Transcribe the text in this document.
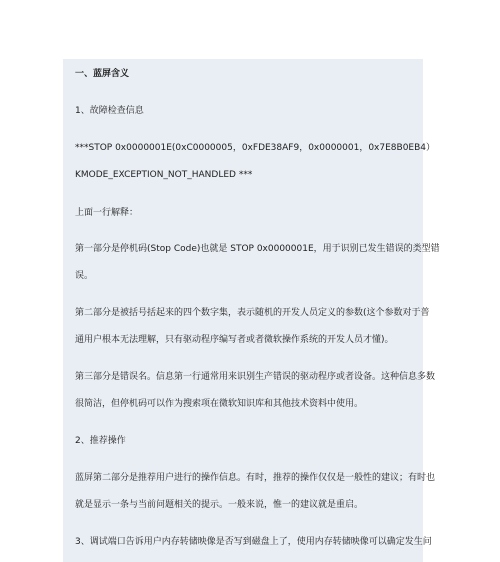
一、蓝屏含义
1、故障检查信息
***STOP 0x0000001E(0xC0000005，0xFDE38AF9，0x0000001，0x7E8B0EB4）
KMODE_EXCEPTION_NOT_HANDLED ***
上面一行解释：
第一部分是停机码(Stop Code)也就是 STOP 0x0000001E，用于识别已发生错误的类型错
误。
第二部分是被括号括起来的四个数字集，表示随机的开发人员定义的参数(这个参数对于普
通用户根本无法理解，只有驱动程序编写者或者微软操作系统的开发人员才懂)。
第三部分是错误名。信息第一行通常用来识别生产错误的驱动程序或者设备。这种信息多数
很简洁，但停机码可以作为搜索项在微软知识库和其他技术资料中使用。
2、推荐操作
蓝屏第二部分是推荐用户进行的操作信息。有时，推荐的操作仅仅是一般性的建议；有时也
就是显示一条与当前问题相关的提示。一般来说，惟一的建议就是重启。
3、调试端口告诉用户内存转储映像是否写到磁盘上了，使用内存转储映像可以确定发生问
